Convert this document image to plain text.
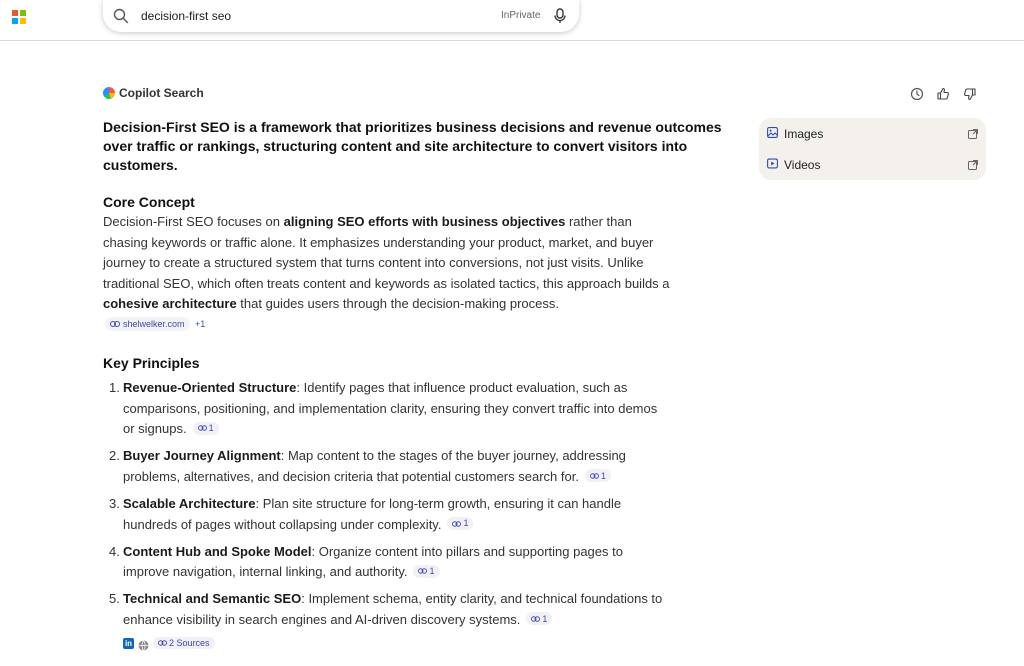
decision-first seo	InPrivate
Copilot Search
Decision-First SEO is a framework that prioritizes business decisions and revenue outcomes over traffic or rankings, structuring content and site architecture to convert visitors into customers.
Core Concept
Decision-First SEO focuses on aligning SEO efforts with business objectives rather than chasing keywords or traffic alone. It emphasizes understanding your product, market, and buyer journey to create a structured system that turns content into conversions, not just visits. Unlike traditional SEO, which often treats content and keywords as isolated tactics, this approach builds a cohesive architecture that guides users through the decision-making process.
shelwelker.com +1
Key Principles
1. Revenue-Oriented Structure: Identify pages that influence product evaluation, such as comparisons, positioning, and implementation clarity, ensuring they convert traffic into demos or signups. 1
2. Buyer Journey Alignment: Map content to the stages of the buyer journey, addressing problems, alternatives, and decision criteria that potential customers search for. 1
3. Scalable Architecture: Plan site structure for long-term growth, ensuring it can handle hundreds of pages without collapsing under complexity. 1
4. Content Hub and Spoke Model: Organize content into pillars and supporting pages to improve navigation, internal linking, and authority. 1
5. Technical and Semantic SEO: Implement schema, entity clarity, and technical foundations to enhance visibility in search engines and AI-driven discovery systems. 1
in	2 Sources
Images
Videos
